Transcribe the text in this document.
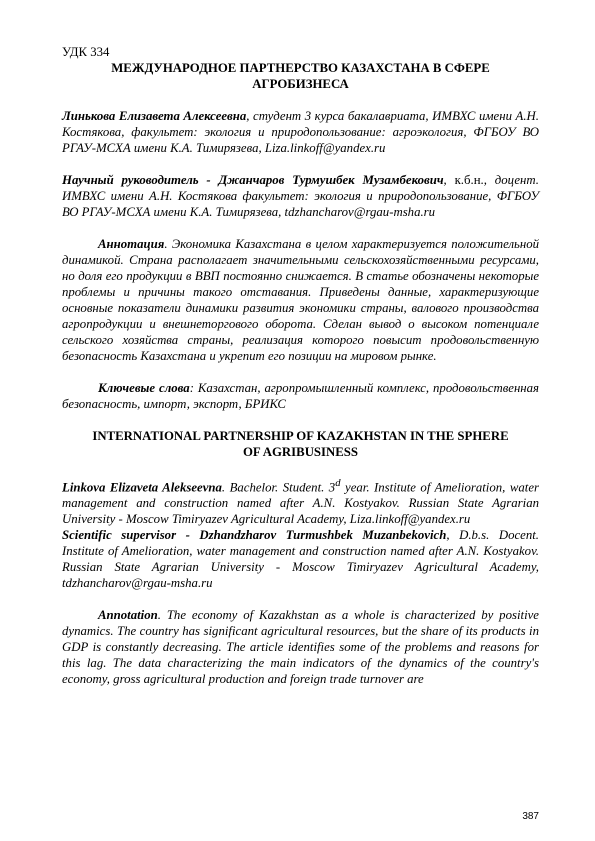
УДК 334

МЕЖДУНАРОДНОЕ ПАРТНЕРСТВО КАЗАХСТАНА В СФЕРЕ
АГРОБИЗНЕСА

Линькова Елизавета Алексеевна, студент 3 курса бакалавриата, ИМВХС имени А.Н. Костякова, факультет: экология и природопользование: агроэкология, ФГБОУ ВО РГАУ-МСХА имени К.А. Тимирязева, Liza.linkoff@yandex.ru

Научный руководитель - Джанчаров Турмушбек Музамбекович, к.б.н., доцент. ИМВХС имени А.Н. Костякова факультет: экология и природопользование, ФГБОУ ВО РГАУ-МСХА имени К.А. Тимирязева, tdzhancharov@rgau-msha.ru

Аннотация. Экономика Казахстана в целом характеризуется положительной динамикой. Страна располагает значительными сельскохозяйственными ресурсами, но доля его продукции в ВВП постоянно снижается. В статье обозначены некоторые проблемы и причины такого отставания. Приведены данные, характеризующие основные показатели динамики развития экономики страны, валового производства агропродукции и внешнеторгового оборота. Сделан вывод о высоком потенциале сельского хозяйства страны, реализация которого повысит продовольственную безопасность Казахстана и укрепит его позиции на мировом рынке.

Ключевые слова: Казахстан, агропромышленный комплекс, продовольственная безопасность, импорт, экспорт, БРИКС

INTERNATIONAL PARTNERSHIP OF KAZAKHSTAN IN THE SPHERE
OF AGRIBUSINESS

Linkova Elizaveta Alekseevna. Bachelor. Student. 3$^d$ year. Institute of Amelioration, water management and construction named after A.N. Kostyakov. Russian State Agrarian University - Moscow Timiryazev Agricultural Academy, Liza.linkoff@yandex.ru

Scientific supervisor - Dzhandzharov Turmushbek Muzanbekovich, D.b.s. Docent. Institute of Amelioration, water management and construction named after A.N. Kostyakov. Russian State Agrarian University - Moscow Timiryazev Agricultural Academy, tdzhancharov@rgau-msha.ru

Annotation. The economy of Kazakhstan as a whole is characterized by positive dynamics. The country has significant agricultural resources, but the share of its products in GDP is constantly decreasing. The article identifies some of the problems and reasons for this lag. The data characterizing the main indicators of the dynamics of the country's economy, gross agricultural production and foreign trade turnover are

387
